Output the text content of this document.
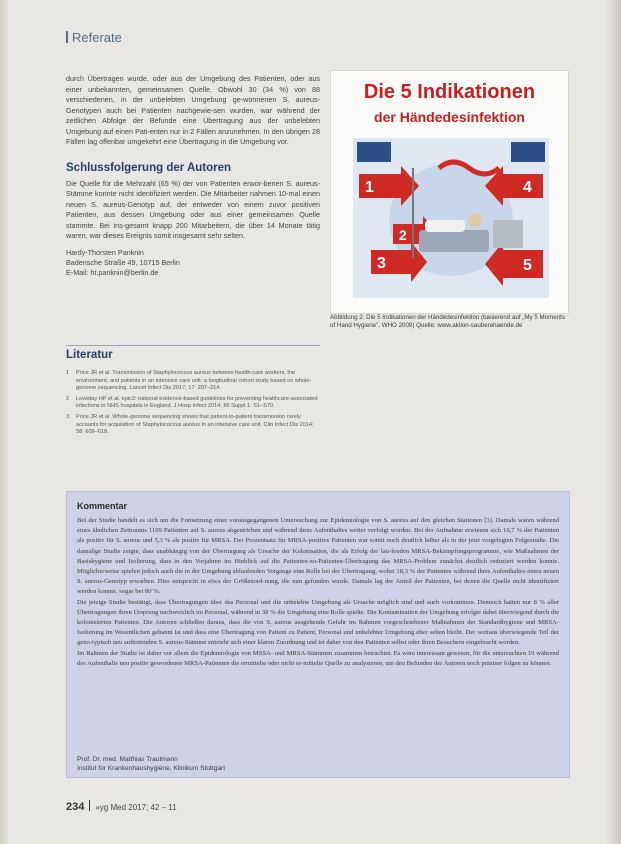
Referate

durch Übertragen wurde, oder aus der Umgebung des Patienten, oder aus einer unbekannten, gemeinsamen Quelle. Obwohl 30 (34 %) von 88 verschiedenen, in der unbelebten Umgebung ge-wonnenen S. aureus-Genotypen auch bei Patienten nachgewie-sen wurden, war während der zeitlichen Abfolge der Befunde eine Übertragung aus der unbelebten Umgebung auf einen Pati-enten nur in 2 Fällen anzunehmen. In den übrigen 28 Fällen lag offenbar umgekehrt eine Übertragung in die Umgebung vor.

Schlussfolgerung der Autoren

Die Quelle für die Mehrzahl (65 %) der von Patienten erwor-benen S. aureus-Stämme konnte nicht identifiziert werden. Die Mitarbeiter nahmen 10-mal einen neuen S. aureus-Genotyp auf, der entweder von einem zuvor positiven Patienten, aus dessen Umgebung oder aus einer gemeinsamen Quelle stammte. Bei ins-gesamt knapp 200 Mitarbeitern, die über 14 Monate tätig waren, war dieses Ereignis somit insgesamt sehr selten.

Hardy-Thorsten Panknin
Badensche Straße 49, 10715 Berlin
E-Mail: ht.panknin@berlin.de
Literatur
1	Price JR et al. Transmission of Staphylococcus aureus between health-care workers, the environment, and patients in an intensive care unit: a longitudinal cohort study based on whole-genome sequencing. Lancet Infect Dis 2017; 17: 207–214.
2	Loveday HP et al. epic3: national evidence-based guidelines for preventing healthcare-associated infections in NHS hospitals in England. J Hosp Infect 2014; 86 Suppl 1: S1–S70.
3	Price JR et al. Whole-genome sequencing shows that patient-to-patient transmission rarely accounts for acquisition of Staphylococcus aureus in an intensive care unit. Clin Infect Dis 2014; 58: 609–618.
Die 5 Indikationen
der Händedesinfektion
1
2
3
4
5
Abbildung 2: Die 5 Indikationen der Händedesinfektion (basierend auf „My 5 Moments of Hand Hygiene", WHO 2009) Quelle: www.aktion-sauberehaende.de
Kommentar

Bei der Studie handelt es sich um die Fortsetzung einer vorausgegangenen Untersuchung zur Epidemiologie von S. aureus auf den gleichen Stationen [3]. Damals waren während eines ähnlichen Zeitraums 1109 Patienten auf S. aureus abgestrichen und während ihres Aufenthaltes weiter verfolgt worden. Bei der Aufnahme erwiesen sich 16,7 % der Patienten als positiv für S. aureus und 5,3 % als positiv für MRSA. Der Prozentsatz für MRSA-positive Patienten war somit noch deutlich höher als in der jetzt vorgelegten Folgestudie. Die damalige Studie zeigte, dass unabhängig von der Übertragung als Ursache der Kolonisation, die als Erfolg der lau-fenden MRSA-Bekämpfungsprogramme, wie Maßnahmen der Basishygiene und Isolierung, dass in den Vorjahren im Hinblick auf die Patienten-zu-Patienten-Übertragung das MRSA-Problem zunächst deutlich reduziert werden konnte. Möglicherweise spielen jedoch auch die in der Umgebung ablaufenden Vorgänge eine Rolle bei der Übertragung, wobei 18,3 % der Patienten während ihres Aufenthaltes einen neuen S. aureus-Genotyp erwarben. Dies entspricht in etwa der Größenord-nung, die nun gefunden wurde. Damals lag der Anteil der Patienten, bei denen die Quelle nicht identifiziert werden konnte, sogar bei 80 %.

Die jetzige Studie bestätigt, dass Übertragungen über das Personal und die unbelebte Umgebung als Ursache möglich sind und auch vorkommen. Dennoch hatten nur 8 % aller Übertragungen ihren Ursprung nachweislich im Personal, während in 38 % die Umgebung eine Rolle spielte. Die Kontamination der Umgebung erfolgte dabei überwiegend durch die kolonisierten Patienten. Die Autoren schließen daraus, dass die von S. aureus ausgehende Gefahr im Rahmen vorgeschriebener Maßnahmen der Standardhygiene und MRSA-Isolierung im Wesentlichen gebannt ist und dass eine Übertragung von Patient zu Patient, Personal und unbelebter Umgebung eher selten bleibt. Der weitaus überwiegende Teil der geno-typisch neu auftretenden S. aureus-Stämme entzieht sich einer klaren Zuordnung und ist daher von den Patienten selbst oder ihren Besuchern eingebracht worden.

Im Rahmen der Studie ist daher vor allem die Epidemiologie von MSSA- und MRSA-Stämmen zusammen betrachtet. Es wäre interessant gewesen, für die untersuchten 19 während des Aufenthalts neu positiv gewordenen MRSA-Patienten die ermittelte oder nicht er-mittelte Quelle zu analysieren, um den Befunden der Autoren noch präziser folgen zu können.

Prof. Dr. med. Matthias Trautmann
Institut für Krankenhaushygiene, Klinikum Stuttgart
234 »yg Med 2017; 42 – 11
